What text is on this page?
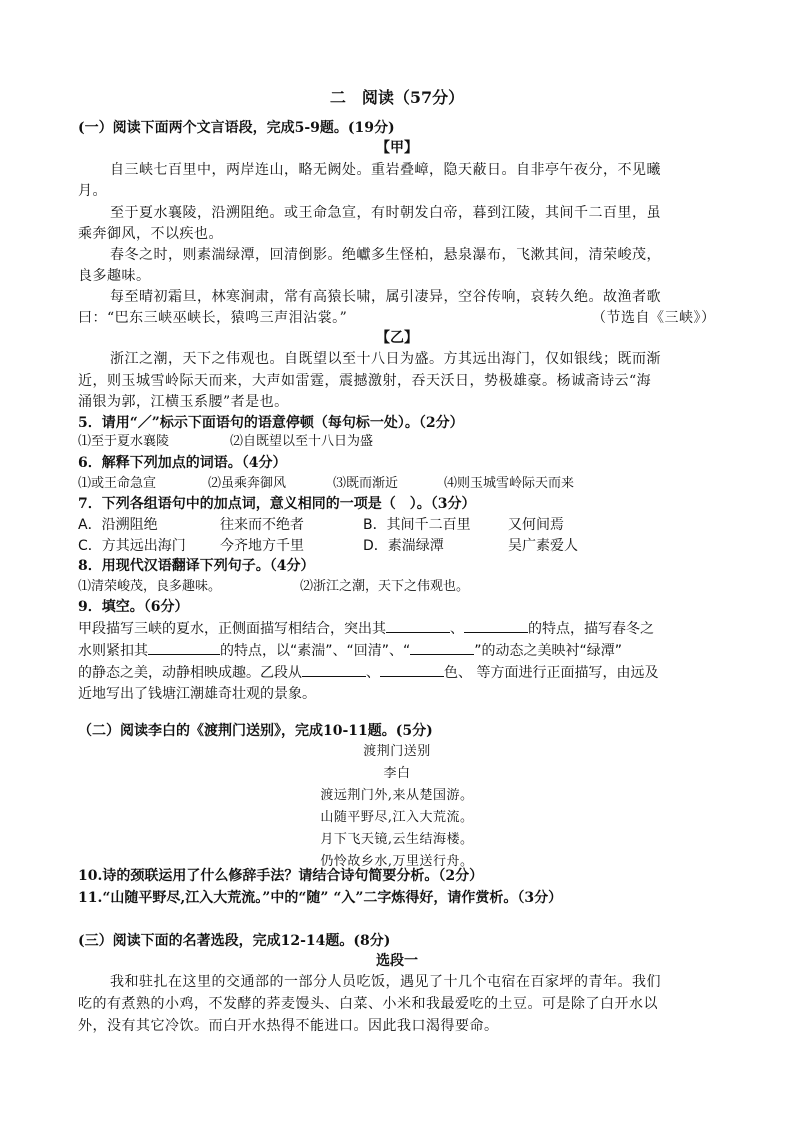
二　阅读（57分）
(一）阅读下面两个文言语段，完成5-9题。(19分)
【甲】
自三峡七百里中，两岸连山，略无阙处。重岩叠嶂，隐天蔽日。自非亭午夜分，不见曦
月。
至于夏水襄陵，沿溯阻绝。或王命急宣，有时朝发白帝，暮到江陵，其间千二百里，虽
乘奔御风，不以疾也。
春冬之时，则素湍绿潭，回清倒影。绝巘多生怪柏，悬泉瀑布，飞漱其间，清荣峻茂，
良多趣味。
每至晴初霜旦，林寒涧肃，常有高猿长啸，属引凄异，空谷传响，哀转久绝。故渔者歌
曰：“巴东三峡巫峡长，猿鸣三声泪沾裳。”	（节选自《三峡》）
【乙】
浙江之潮，天下之伟观也。自既望以至十八日为盛。方其远出海门，仅如银线；既而渐
近，则玉城雪岭际天而来，大声如雷霆，震撼激射，吞天沃日，势极雄豪。杨诚斋诗云“海
涌银为郭，江横玉系腰”者是也。
5．请用“／”标示下面语句的语意停顿（每句标一处）。（2分）
⑴至于夏水襄陵	⑵自既望以至十八日为盛
6．解释下列加点的词语。（4分）
⑴或王命急宣	⑵虽乘奔御风	⑶既而渐近	⑷则玉城雪岭际天而来
7．下列各组语句中的加点词，意义相同的一项是（　）。（3分）
A．沿溯阻绝	往来而不绝者	B．其间千二百里	又何间焉
C．方其远出海门 今齐地方千里	D．素湍绿潭	吴广素爱人
8．用现代汉语翻译下列句子。（4分）
⑴清荣峻茂，良多趣味。	⑵浙江之潮，天下之伟观也。
9．填空。（6分）
甲段描写三峡的夏水，正侧面描写相结合，突出其	、	的特点，描写春冬之
水则紧扣其	的特点，以“素湍”、“回清”、“	”的动态之美映衬“绿潭”
的静态之美，动静相映成趣。乙段从	、	色、 等方面进行正面描写，由远及
近地写出了钱塘江潮雄奇壮观的景象。
（二）阅读李白的《渡荆门送别》，完成10-11题。(5分)
渡荆门送别
李白
渡远荆门外,来从楚国游。
山随平野尽,江入大荒流。
月下飞天镜,云生结海楼。
仍怜故乡水,万里送行舟。
10.诗的颈联运用了什么修辞手法？请结合诗句简要分析。（2分）
11.“山随平野尽,江入大荒流。”中的“随” “入”二字炼得好，请作赏析。（3分）
(三）阅读下面的名著选段，完成12-14题。(8分)
选段一
我和驻扎在这里的交通部的一部分人员吃饭，遇见了十几个屯宿在百家坪的青年。我们
吃的有煮熟的小鸡，不发酵的荞麦馒头、白菜、小米和我最爱吃的土豆。可是除了白开水以
外，没有其它冷饮。而白开水热得不能进口。因此我口渴得要命。
